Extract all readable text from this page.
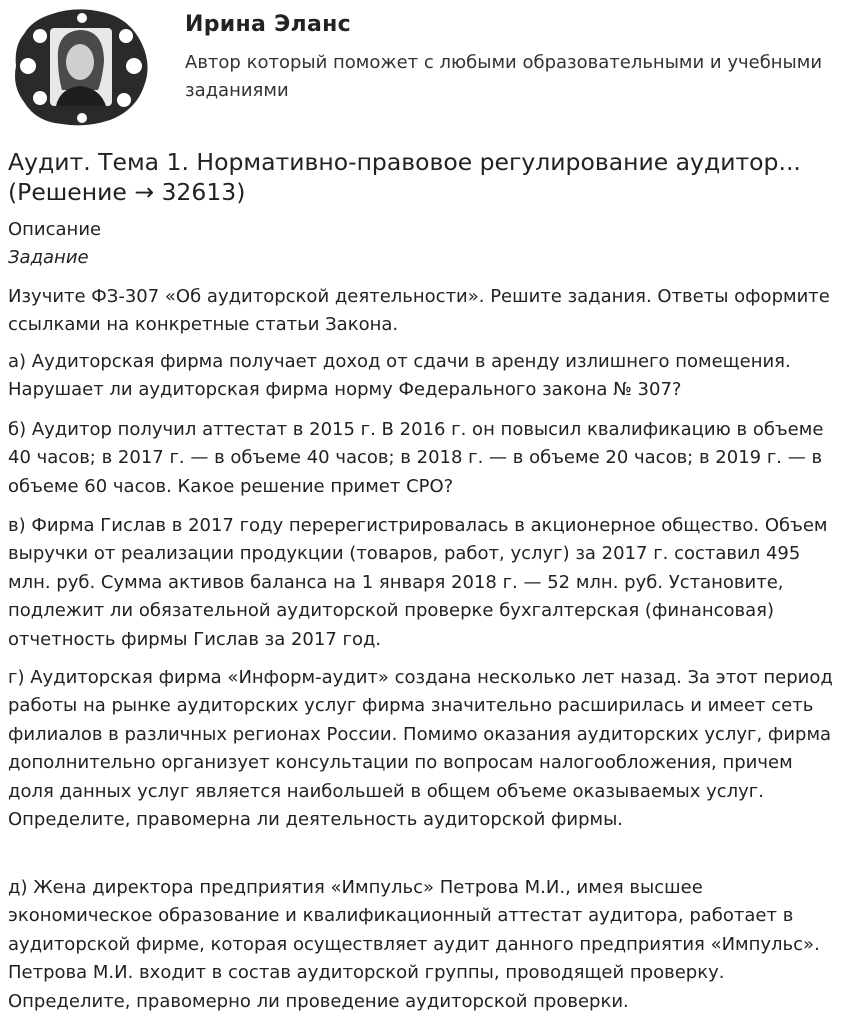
Ирина Эланс
Автор который поможет с любыми образовательными и учебными заданиями
Аудит. Тема 1. Нормативно-правовое регулирование аудитор... (Решение → 32613)
Описание
Задание

Изучите ФЗ-307 «Об аудиторской деятельности». Решите задания. Ответы оформите ссылками на конкретные статьи Закона.

а) Аудиторская фирма получает доход от сдачи в аренду излишнего помещения. Нарушает ли аудиторская фирма норму Федерального закона № 307?

б) Аудитор получил аттестат в 2015 г. В 2016 г. он повысил квалификацию в объеме 40 часов; в 2017 г. — в объеме 40 часов; в 2018 г. — в объеме 20 часов; в 2019 г. — в объеме 60 часов. Какое решение примет СРО?

в) Фирма Гислав в 2017 году перерегистрировалась в акционерное общество. Объем выручки от реализации продукции (товаров, работ, услуг) за 2017 г. составил 495 млн. руб. Сумма активов баланса на 1 января 2018 г. — 52 млн. руб. Установите, подлежит ли обязательной аудиторской проверке бухгалтерская (финансовая) отчетность фирмы Гислав за 2017 год.

г) Аудиторская фирма «Информ-аудит» создана несколько лет назад. За этот период работы на рынке аудиторских услуг фирма значительно расширилась и имеет сеть филиалов в различных регионах России. Помимо оказания аудиторских услуг, фирма дополнительно организует консультации по вопросам налогообложения, причем доля данных услуг является наибольшей в общем объеме оказываемых услуг. Определите, правомерна ли деятельность аудиторской фирмы.

д) Жена директора предприятия «Импульс» Петрова М.И., имея высшее экономическое образование и квалификационный аттестат аудитора, работает в аудиторской фирме, которая осуществляет аудит данного предприятия «Импульс». Петрова М.И. входит в состав аудиторской группы, проводящей проверку. Определите, правомерно ли проведение аудиторской проверки.
